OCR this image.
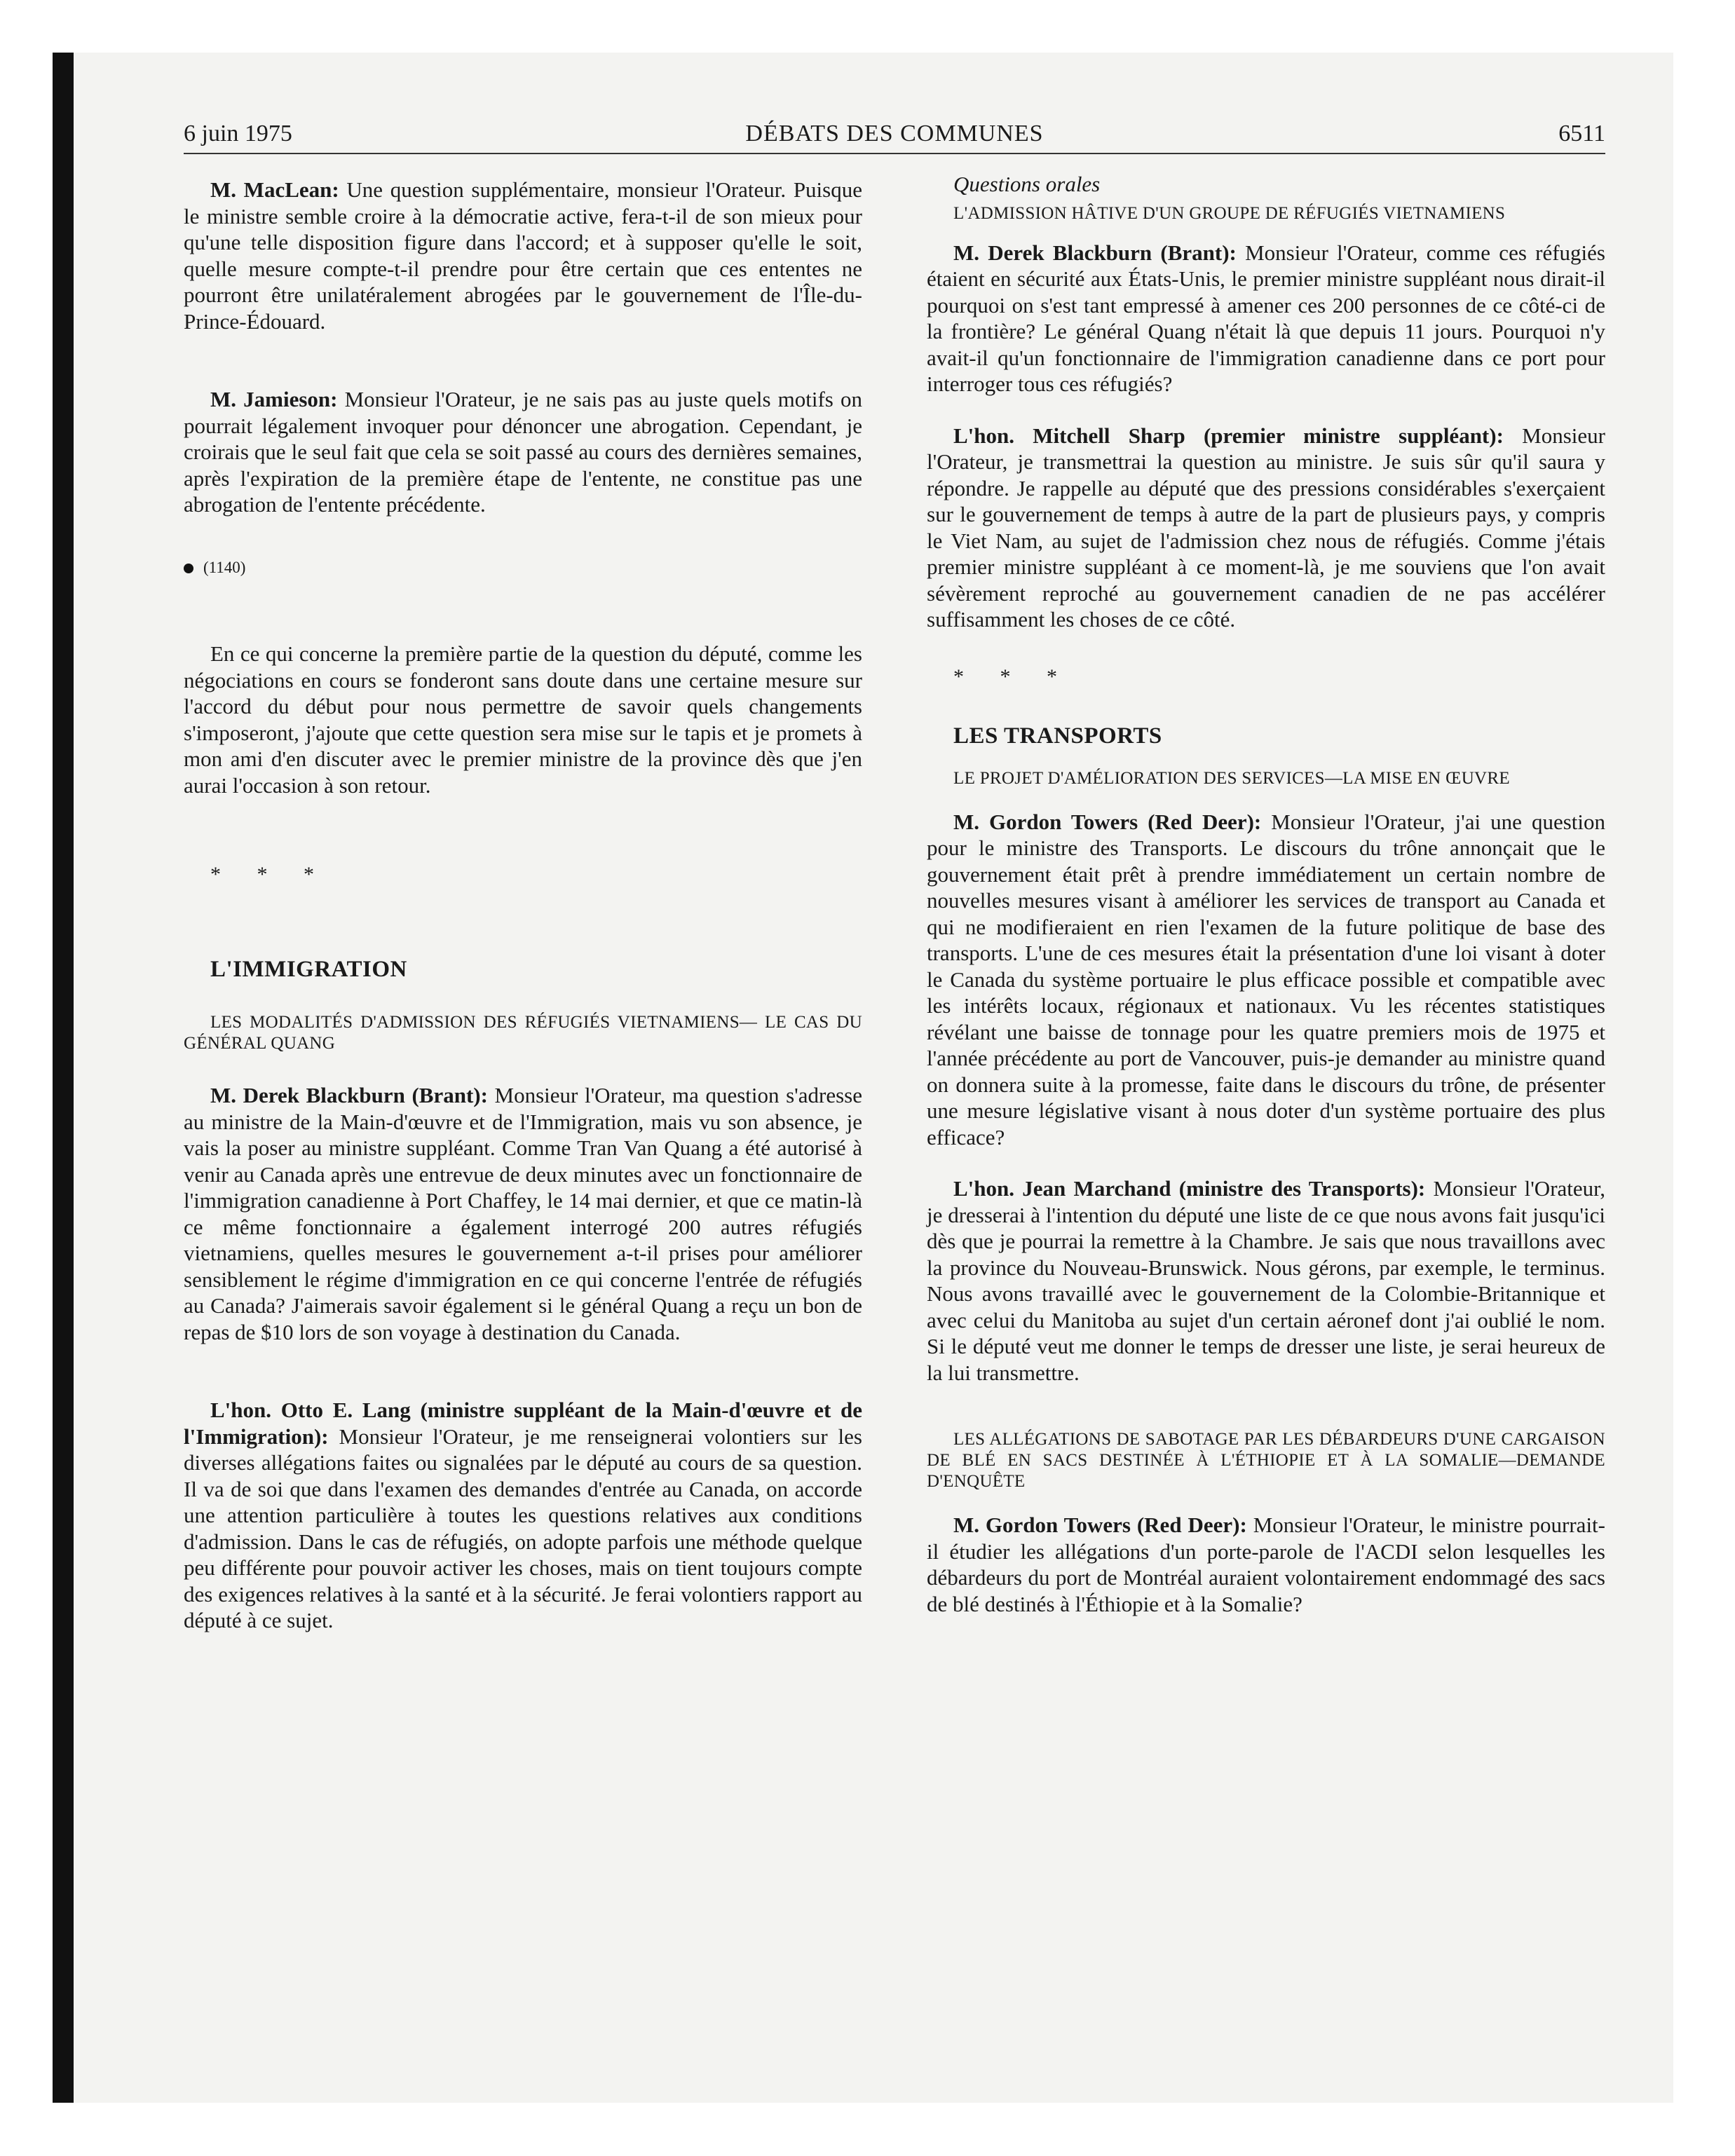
6 juin 1975	DÉBATS DES COMMUNES	6511

M. MacLean: Une question supplémentaire, monsieur l'Orateur. Puisque le ministre semble croire à la démocratie active, fera-t-il de son mieux pour qu'une telle disposition figure dans l'accord; et à supposer qu'elle le soit, quelle mesure compte-t-il prendre pour être certain que ces ententes ne pourront être unilatéralement abrogées par le gouvernement de l'Île-du-Prince-Édouard.

M. Jamieson: Monsieur l'Orateur, je ne sais pas au juste quels motifs on pourrait légalement invoquer pour dénoncer une abrogation. Cependant, je croirais que le seul fait que cela se soit passé au cours des dernières semaines, après l'expiration de la première étape de l'entente, ne constitue pas une abrogation de l'entente précédente.

(1140)

En ce qui concerne la première partie de la question du député, comme les négociations en cours se fonderont sans doute dans une certaine mesure sur l'accord du début pour nous permettre de savoir quels changements s'imposeront, j'ajoute que cette question sera mise sur le tapis et je promets à mon ami d'en discuter avec le premier ministre de la province dès que j'en aurai l'occasion à son retour.

* * *

L'IMMIGRATION

LES MODALITÉS D'ADMISSION DES RÉFUGIÉS VIETNAMIENS— LE CAS DU GÉNÉRAL QUANG

M. Derek Blackburn (Brant): Monsieur l'Orateur, ma question s'adresse au ministre de la Main-d'œuvre et de l'Immigration, mais vu son absence, je vais la poser au ministre suppléant. Comme Tran Van Quang a été autorisé à venir au Canada après une entrevue de deux minutes avec un fonctionnaire de l'immigration canadienne à Port Chaffey, le 14 mai dernier, et que ce matin-là ce même fonctionnaire a également interrogé 200 autres réfugiés vietnamiens, quelles mesures le gouvernement a-t-il prises pour améliorer sensiblement le régime d'immigration en ce qui concerne l'entrée de réfugiés au Canada? J'aimerais savoir également si le général Quang a reçu un bon de repas de $10 lors de son voyage à destination du Canada.

L'hon. Otto E. Lang (ministre suppléant de la Main-d'œuvre et de l'Immigration): Monsieur l'Orateur, je me renseignerai volontiers sur les diverses allégations faites ou signalées par le député au cours de sa question. Il va de soi que dans l'examen des demandes d'entrée au Canada, on accorde une attention particulière à toutes les questions relatives aux conditions d'admission. Dans le cas de réfugiés, on adopte parfois une méthode quelque peu différente pour pouvoir activer les choses, mais on tient toujours compte des exigences relatives à la santé et à la sécurité. Je ferai volontiers rapport au député à ce sujet.

Questions orales

L'ADMISSION HÂTIVE D'UN GROUPE DE RÉFUGIÉS VIETNAMIENS

M. Derek Blackburn (Brant): Monsieur l'Orateur, comme ces réfugiés étaient en sécurité aux États-Unis, le premier ministre suppléant nous dirait-il pourquoi on s'est tant empressé à amener ces 200 personnes de ce côté-ci de la frontière? Le général Quang n'était là que depuis 11 jours. Pourquoi n'y avait-il qu'un fonctionnaire de l'immigration canadienne dans ce port pour interroger tous ces réfugiés?

L'hon. Mitchell Sharp (premier ministre suppléant): Monsieur l'Orateur, je transmettrai la question au ministre. Je suis sûr qu'il saura y répondre. Je rappelle au député que des pressions considérables s'exerçaient sur le gouvernement de temps à autre de la part de plusieurs pays, y compris le Viet Nam, au sujet de l'admission chez nous de réfugiés. Comme j'étais premier ministre suppléant à ce moment-là, je me souviens que l'on avait sévèrement reproché au gouvernement canadien de ne pas accélérer suffisamment les choses de ce côté.

* * *

LES TRANSPORTS

LE PROJET D'AMÉLIORATION DES SERVICES—LA MISE EN ŒUVRE

M. Gordon Towers (Red Deer): Monsieur l'Orateur, j'ai une question pour le ministre des Transports. Le discours du trône annonçait que le gouvernement était prêt à prendre immédiatement un certain nombre de nouvelles mesures visant à améliorer les services de transport au Canada et qui ne modifieraient en rien l'examen de la future politique de base des transports. L'une de ces mesures était la présentation d'une loi visant à doter le Canada du système portuaire le plus efficace possible et compatible avec les intérêts locaux, régionaux et nationaux. Vu les récentes statistiques révélant une baisse de tonnage pour les quatre premiers mois de 1975 et l'année précédente au port de Vancouver, puis-je demander au ministre quand on donnera suite à la promesse, faite dans le discours du trône, de présenter une mesure législative visant à nous doter d'un système portuaire des plus efficace?

L'hon. Jean Marchand (ministre des Transports): Monsieur l'Orateur, je dresserai à l'intention du député une liste de ce que nous avons fait jusqu'ici dès que je pourrai la remettre à la Chambre. Je sais que nous travaillons avec la province du Nouveau-Brunswick. Nous gérons, par exemple, le terminus. Nous avons travaillé avec le gouvernement de la Colombie-Britannique et avec celui du Manitoba au sujet d'un certain aéronef dont j'ai oublié le nom. Si le député veut me donner le temps de dresser une liste, je serai heureux de la lui transmettre.

LES ALLÉGATIONS DE SABOTAGE PAR LES DÉBARDEURS D'UNE CARGAISON DE BLÉ EN SACS DESTINÉE À L'ÉTHIOPIE ET À LA SOMALIE—DEMANDE D'ENQUÊTE

M. Gordon Towers (Red Deer): Monsieur l'Orateur, le ministre pourrait-il étudier les allégations d'un porte-parole de l'ACDI selon lesquelles les débardeurs du port de Montréal auraient volontairement endommagé des sacs de blé destinés à l'Éthiopie et à la Somalie?
